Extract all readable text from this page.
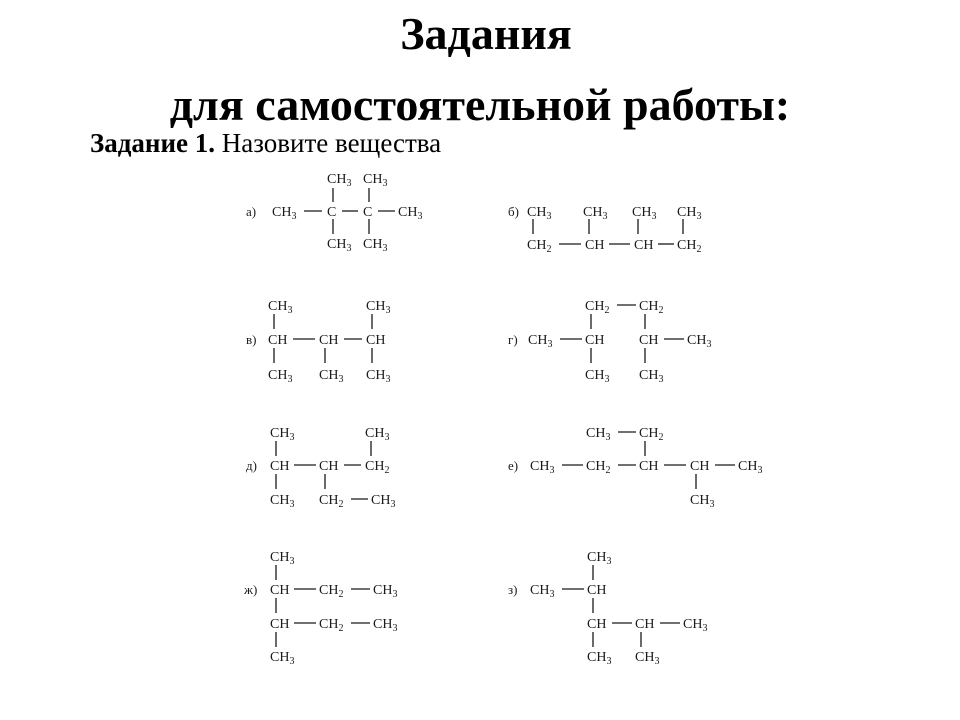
Задания
для самостоятельной работы:
Задание 1. Назовите вещества
а) $CH_3$ C C $CH_3$
$CH_3$ $CH_3$
$CH_3$ $CH_3$
б) $CH_3$ $CH_3$ $CH_3$ $CH_3$
$CH_2$ CH CH $CH_2$
в)
$CH_3$	$CH_3$
CH CH CH
$CH_3$ $CH_3$ $CH_3$
г)
$CH_2$ $CH_2$
$CH_3$ CH CH $CH_3$
$CH_3$ $CH_3$
д)
$CH_3$	$CH_3$
CH CH $CH_2$
$CH_3$ $CH_2$ $CH_3$
е)
$CH_3$ $CH_2$
$CH_3$ $CH_2$ CH CH $CH_3$
$CH_3$
ж)
$CH_3$
CH $CH_2$ $CH_3$
CH $CH_2$ $CH_3$
$CH_3$
з)
$CH_3$
$CH_3$ CH
CH CH $CH_3$
$CH_3$ $CH_3$
